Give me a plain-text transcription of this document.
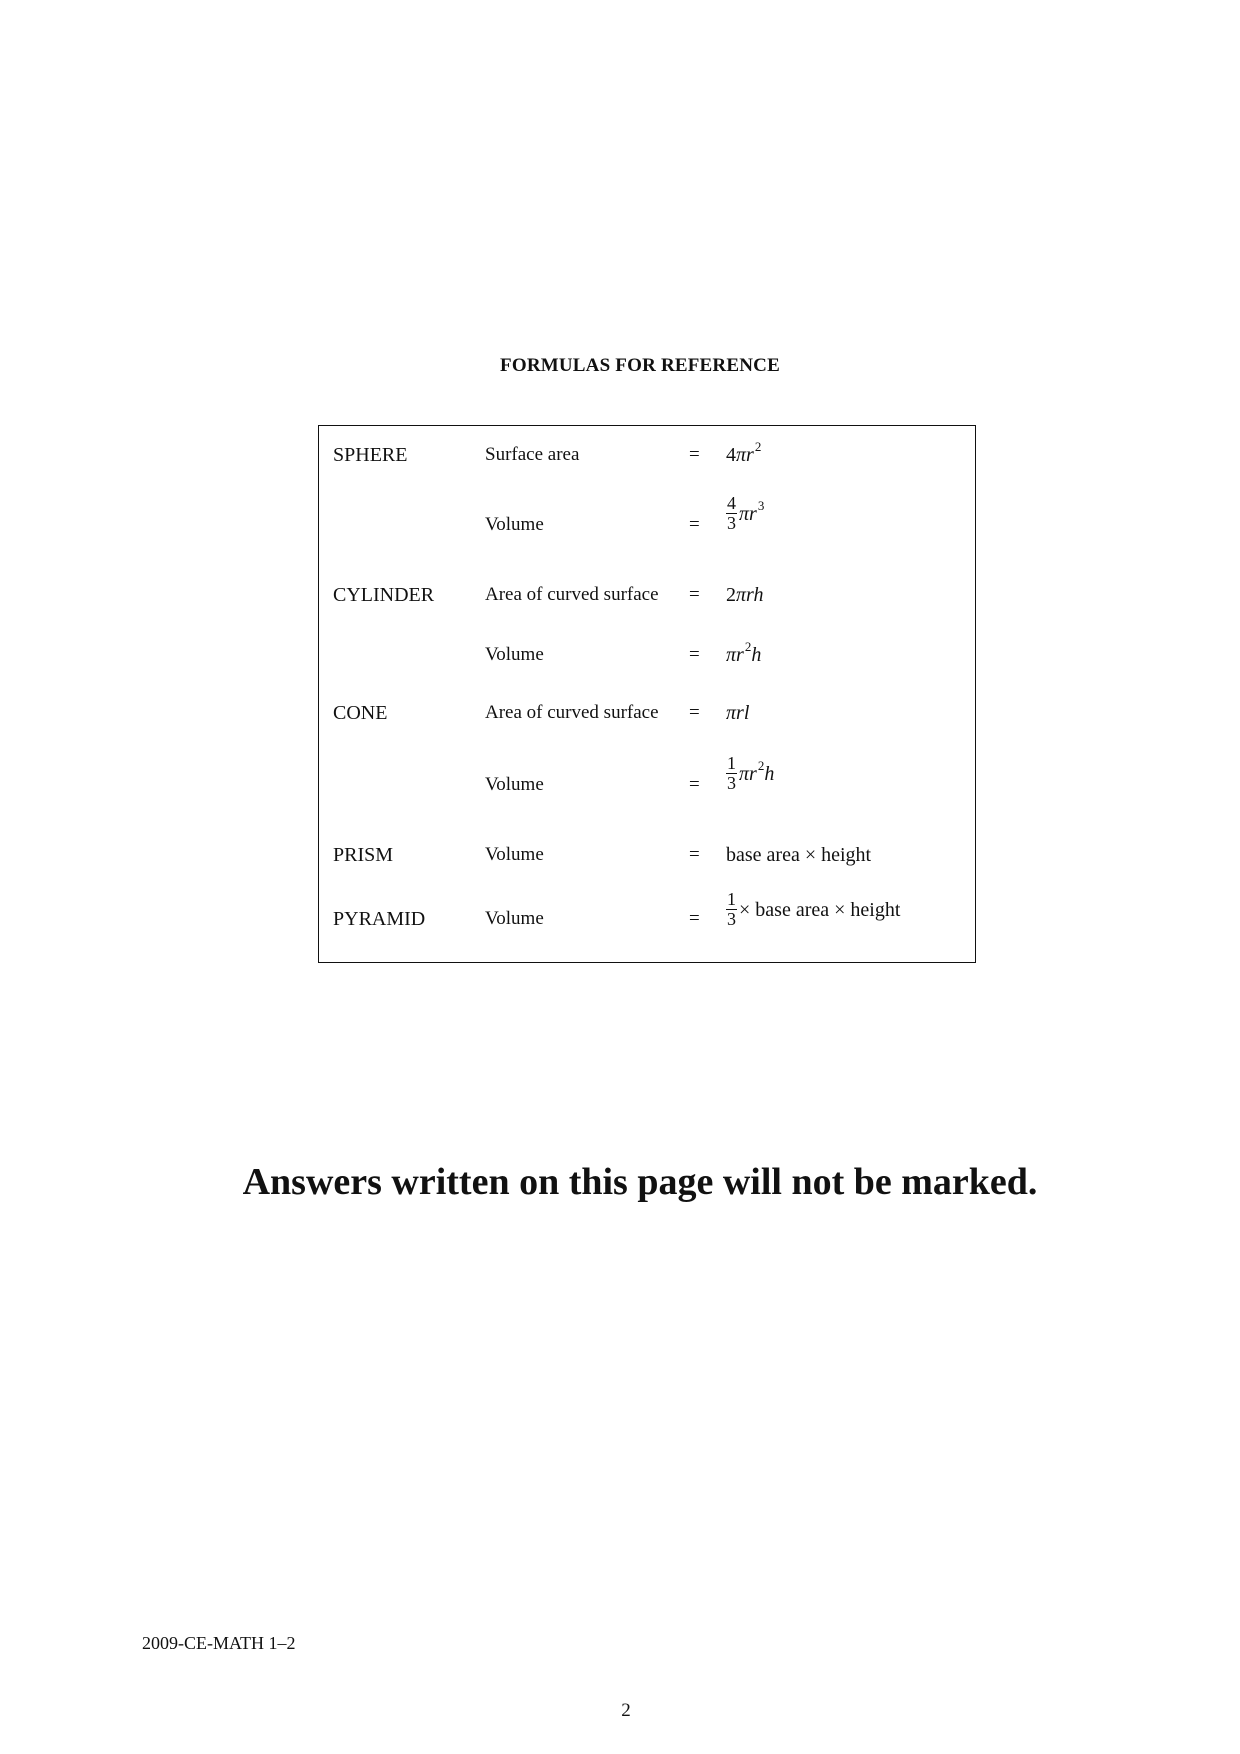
FORMULAS FOR REFERENCE
SPHERE	Surface area	= $4\pi r^2$
Volume	= $\frac{4}{3} \pi r^3$
CYLINDER	Area of curved surface = 2πrh
Volume	= $\pi r^2h$
CONE	Area of curved surface = πrl
Volume	= $\frac{1}{3} \pi r^2h$
PRISM	Volume	= base area × height
PYRAMID	Volume	= $\frac{1}{3}$ × base area × height
Answers written on this page will not be marked.
2009-CE-MATH 1–2
2
